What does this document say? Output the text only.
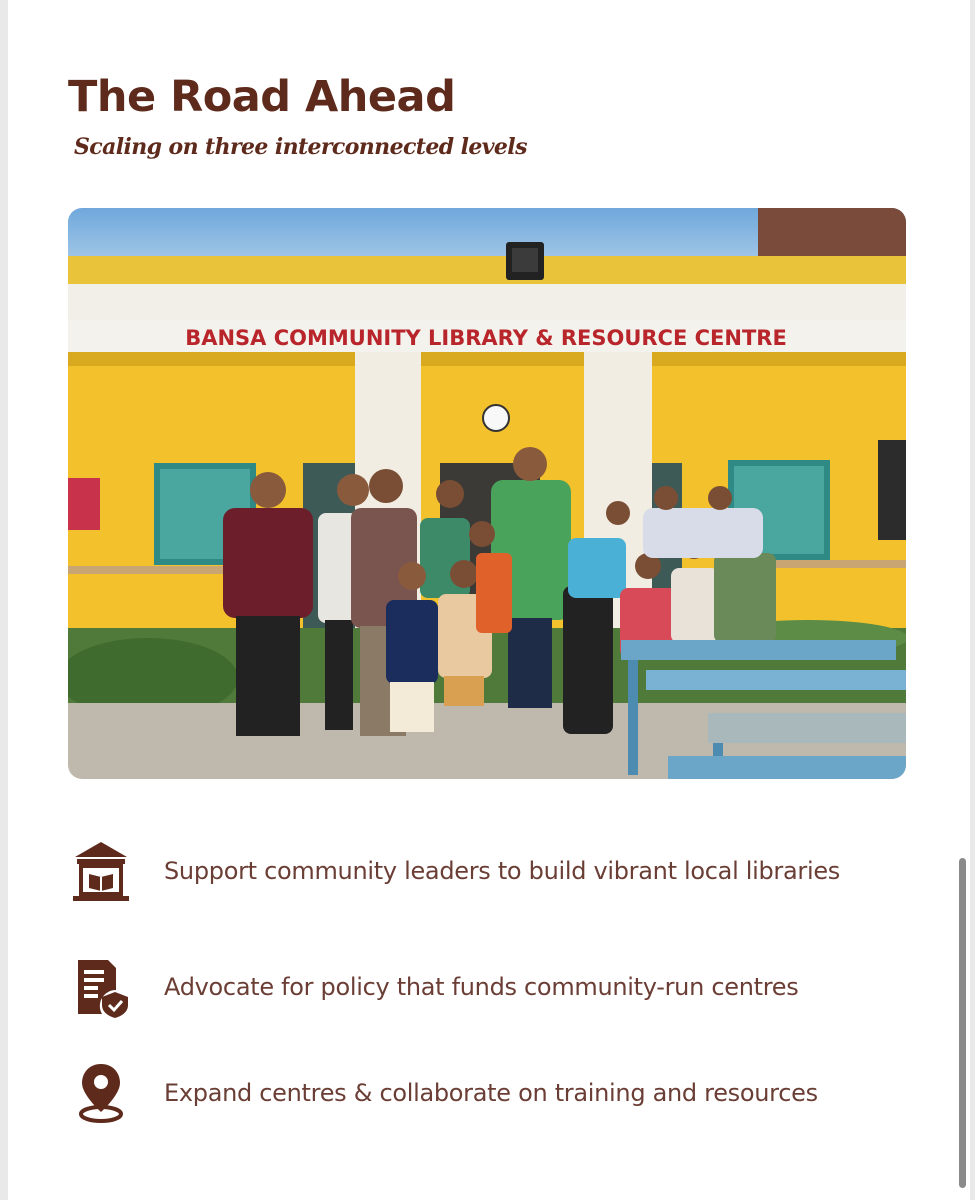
The Road Ahead
Scaling on three interconnected levels
BANSA COMMUNITY LIBRARY & RESOURCE CENTRE
Support community leaders to build vibrant local libraries
Advocate for policy that funds community-run centres
Expand centres & collaborate on training and resources
